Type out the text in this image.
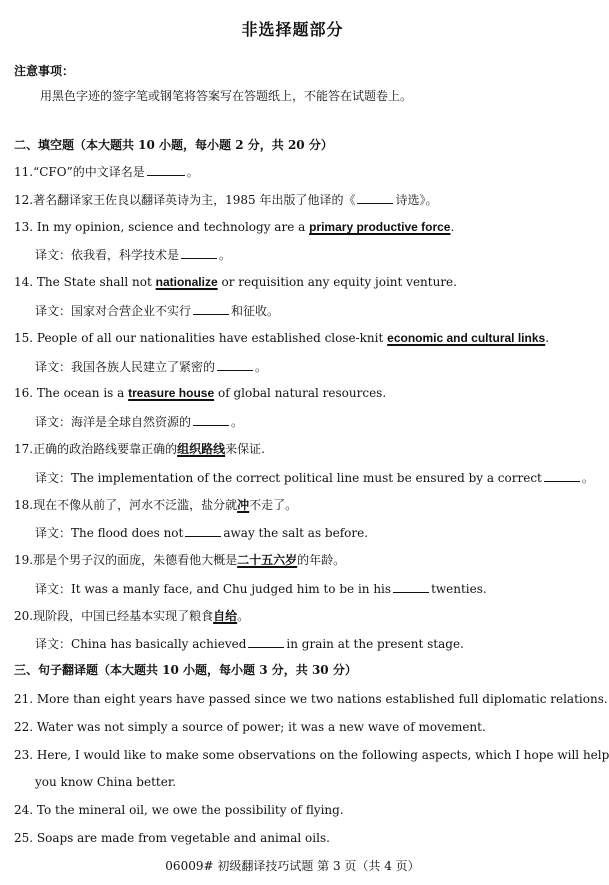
非选择题部分
注意事项：
用黑色字迹的签字笔或钢笔将答案写在答题纸上，不能答在试题卷上。
二、填空题（本大题共 10 小题，每小题 2 分，共 20 分）
11.“CFO”的中文译名是	。
12.著名翻译家王佐良以翻译英诗为主，1985 年出版了他译的《	诗选》。
13. In my opinion, science and technology are a primary productive force.
译文：依我看，科学技术是	。
14. The State shall not nationalize or requisition any equity joint venture.
译文：国家对合营企业不实行	和征收。
15. People of all our nationalities have established close-knit economic and cultural links.
译文：我国各族人民建立了紧密的	。
16. The ocean is a treasure house of global natural resources.
译文：海洋是全球自然资源的	。
17.正确的政治路线要靠正确的组织路线来保证.
译文：The implementation of the correct political line must be ensured by a correct	。
18.现在不像从前了，河水不泛滥，盐分就冲不走了。
译文：The flood does not	away the salt as before.
19.那是个男子汉的面庞，朱德看他大概是二十五六岁的年龄。
译文：It was a manly face, and Chu judged him to be in his	twenties.
20.现阶段，中国已经基本实现了粮食自给。
译文：China has basically achieved	in grain at the present stage.
三、句子翻译题（本大题共 10 小题，每小题 3 分，共 30 分）
21. More than eight years have passed since we two nations established full diplomatic relations.
22. Water was not simply a source of power; it was a new wave of movement.
23. Here, I would like to make some observations on the following aspects, which I hope will help
you know China better.
24. To the mineral oil, we owe the possibility of flying.
25. Soaps are made from vegetable and animal oils.
06009# 初级翻译技巧试题 第 3 页（共 4 页）
